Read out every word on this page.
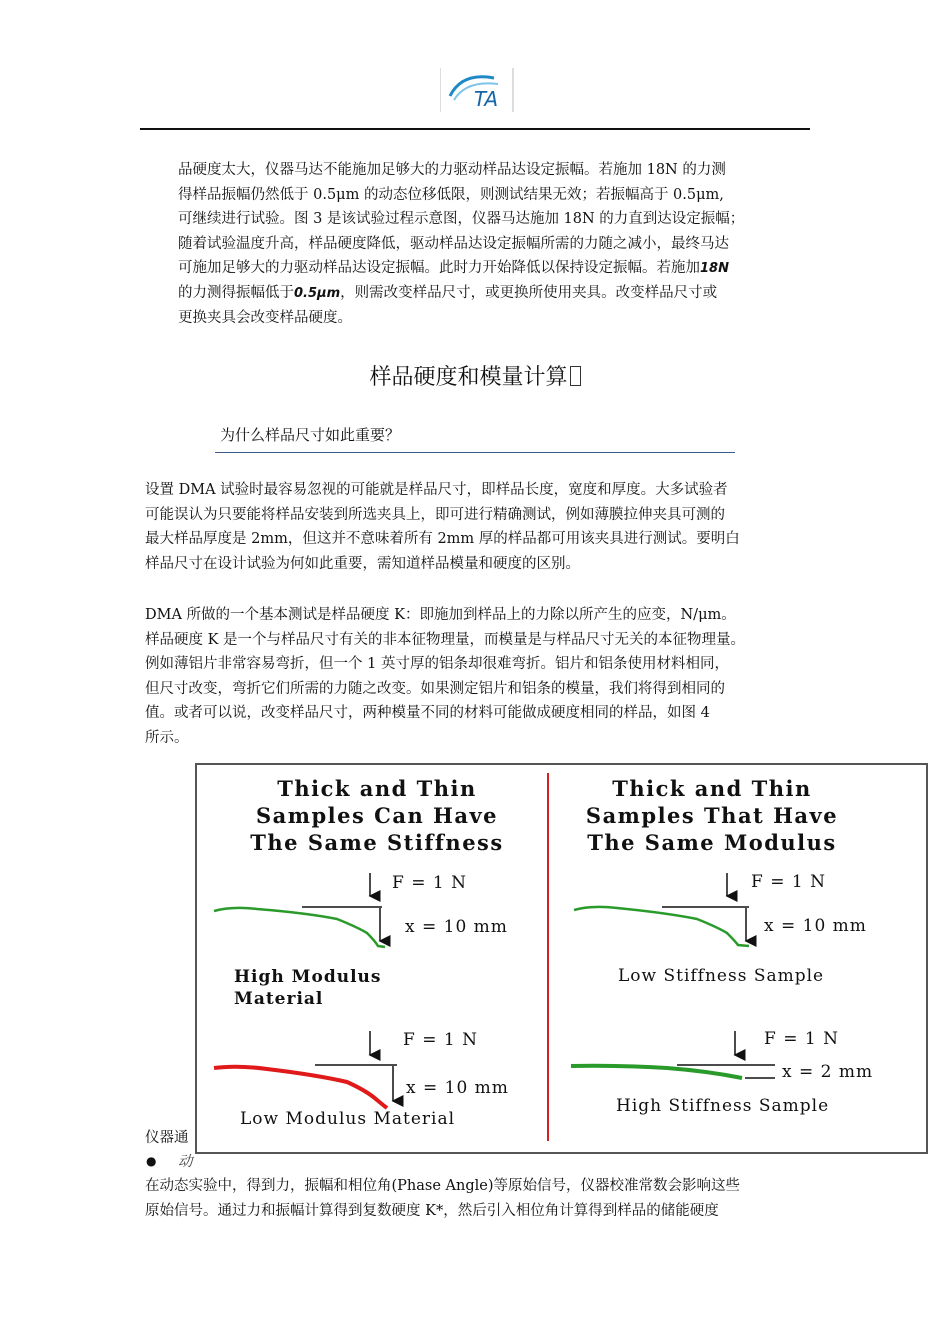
TA
品硬度太大，仪器马达不能施加足够大的力驱动样品达设定振幅。若施加 18N 的力测
得样品振幅仍然低于 0.5μm 的动态位移低限，则测试结果无效；若振幅高于 0.5μm,
可继续进行试验。图 3 是该试验过程示意图，仪器马达施加 18N 的力直到达设定振幅；
随着试验温度升高，样品硬度降低，驱动样品达设定振幅所需的力随之减小，最终马达
可施加足够大的力驱动样品达设定振幅。此时力开始降低以保持设定振幅。若施加18N
的力测得振幅低于0.5μm，则需改变样品尺寸，或更换所使用夹具。改变样品尺寸或
更换夹具会改变样品硬度。
样品硬度和模量计算
为什么样品尺寸如此重要？
设置 DMA 试验时最容易忽视的可能就是样品尺寸，即样品长度，宽度和厚度。大多试验者
可能误认为只要能将样品安装到所选夹具上，即可进行精确测试，例如薄膜拉伸夹具可测的
最大样品厚度是 2mm，但这并不意味着所有 2mm 厚的样品都可用该夹具进行测试。要明白
样品尺寸在设计试验为何如此重要，需知道样品模量和硬度的区别。
DMA 所做的一个基本测试是样品硬度 K：即施加到样品上的力除以所产生的应变，N/μm。
样品硬度 K 是一个与样品尺寸有关的非本征物理量，而模量是与样品尺寸无关的本征物理量。
例如薄铝片非常容易弯折，但一个 1 英寸厚的铝条却很难弯折。铝片和铝条使用材料相同，
但尺寸改变，弯折它们所需的力随之改变。如果测定铝片和铝条的模量，我们将得到相同的
值。或者可以说，改变样品尺寸，两种模量不同的材料可能做成硬度相同的样品，如图 4
所示。
仪器通
● 动
Thick and Thin
Samples Can Have
The Same Stiffness
Thick and Thin
Samples That Have
The Same Modulus
F = 1 N
x = 10 mm
High Modulus
Material
F = 1 N
x = 10 mm
Low Stiffness Sample
F = 1 N
x = 10 mm
Low Modulus Material
F = 1 N
x = 2 mm
High Stiffness Sample
在动态实验中，得到力，振幅和相位角(Phase Angle)等原始信号，仪器校准常数会影响这些
原始信号。通过力和振幅计算得到复数硬度 K*，然后引入相位角计算得到样品的储能硬度
